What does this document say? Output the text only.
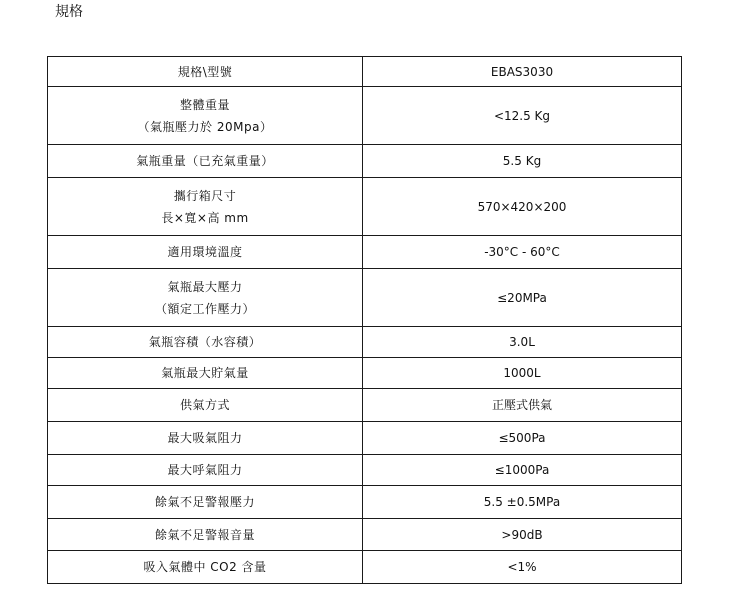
規格
規格\型號	EBAS3030

整體重量
（氣瓶壓力於 20Mpa）	<12.5 Kg

氣瓶重量（已充氣重量）	5.5 Kg

攜行箱尺寸
長×寬×高 mm	570×420×200

適用環境溫度	-30°C - 60°C

氣瓶最大壓力
（額定工作壓力）	≤20MPa

氣瓶容積（水容積）	3.0L

氣瓶最大貯氣量	1000L

供氣方式	正壓式供氣

最大吸氣阻力	≤500Pa

最大呼氣阻力	≤1000Pa

餘氣不足警報壓力	5.5 ±0.5MPa

餘氣不足警報音量	>90dB

吸入氣體中 CO2 含量	<1%
